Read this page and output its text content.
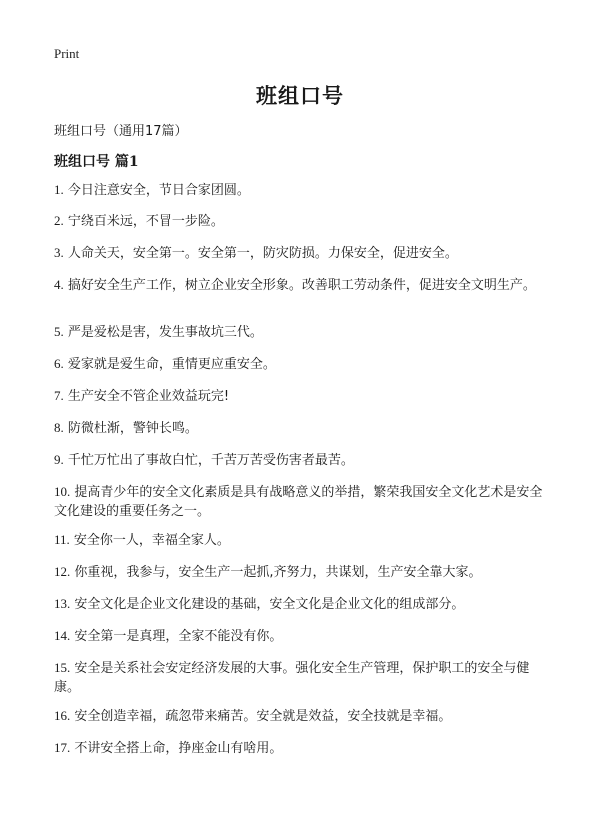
Print
班组口号
班组口号（通用17篇）
班组口号 篇1
1. 今日注意安全，节日合家团圆。
2. 宁绕百米远，不冒一步险。
3. 人命关天，安全第一。安全第一，防灾防损。力保安全，促进安全。
4. 搞好安全生产工作，树立企业安全形象。改善职工劳动条件，促进安全文明生产。
5. 严是爱松是害，发生事故坑三代。
6. 爱家就是爱生命，重情更应重安全。
7. 生产安全不管企业效益玩完!
8. 防微杜渐，警钟长鸣。
9. 千忙万忙出了事故白忙，千苦万苦受伤害者最苦。
10. 提高青少年的安全文化素质是具有战略意义的举措，繁荣我国安全文化艺术是安全文化建设的重要任务之一。
11. 安全你一人，幸福全家人。
12. 你重视，我参与，安全生产一起抓,齐努力，共谋划，生产安全靠大家。
13. 安全文化是企业文化建设的基础，安全文化是企业文化的组成部分。
14. 安全第一是真理，全家不能没有你。
15. 安全是关系社会安定经济发展的大事。强化安全生产管理，保护职工的安全与健康。
16. 安全创造幸福，疏忽带来痛苦。安全就是效益，安全技就是幸福。
17. 不讲安全搭上命，挣座金山有啥用。
